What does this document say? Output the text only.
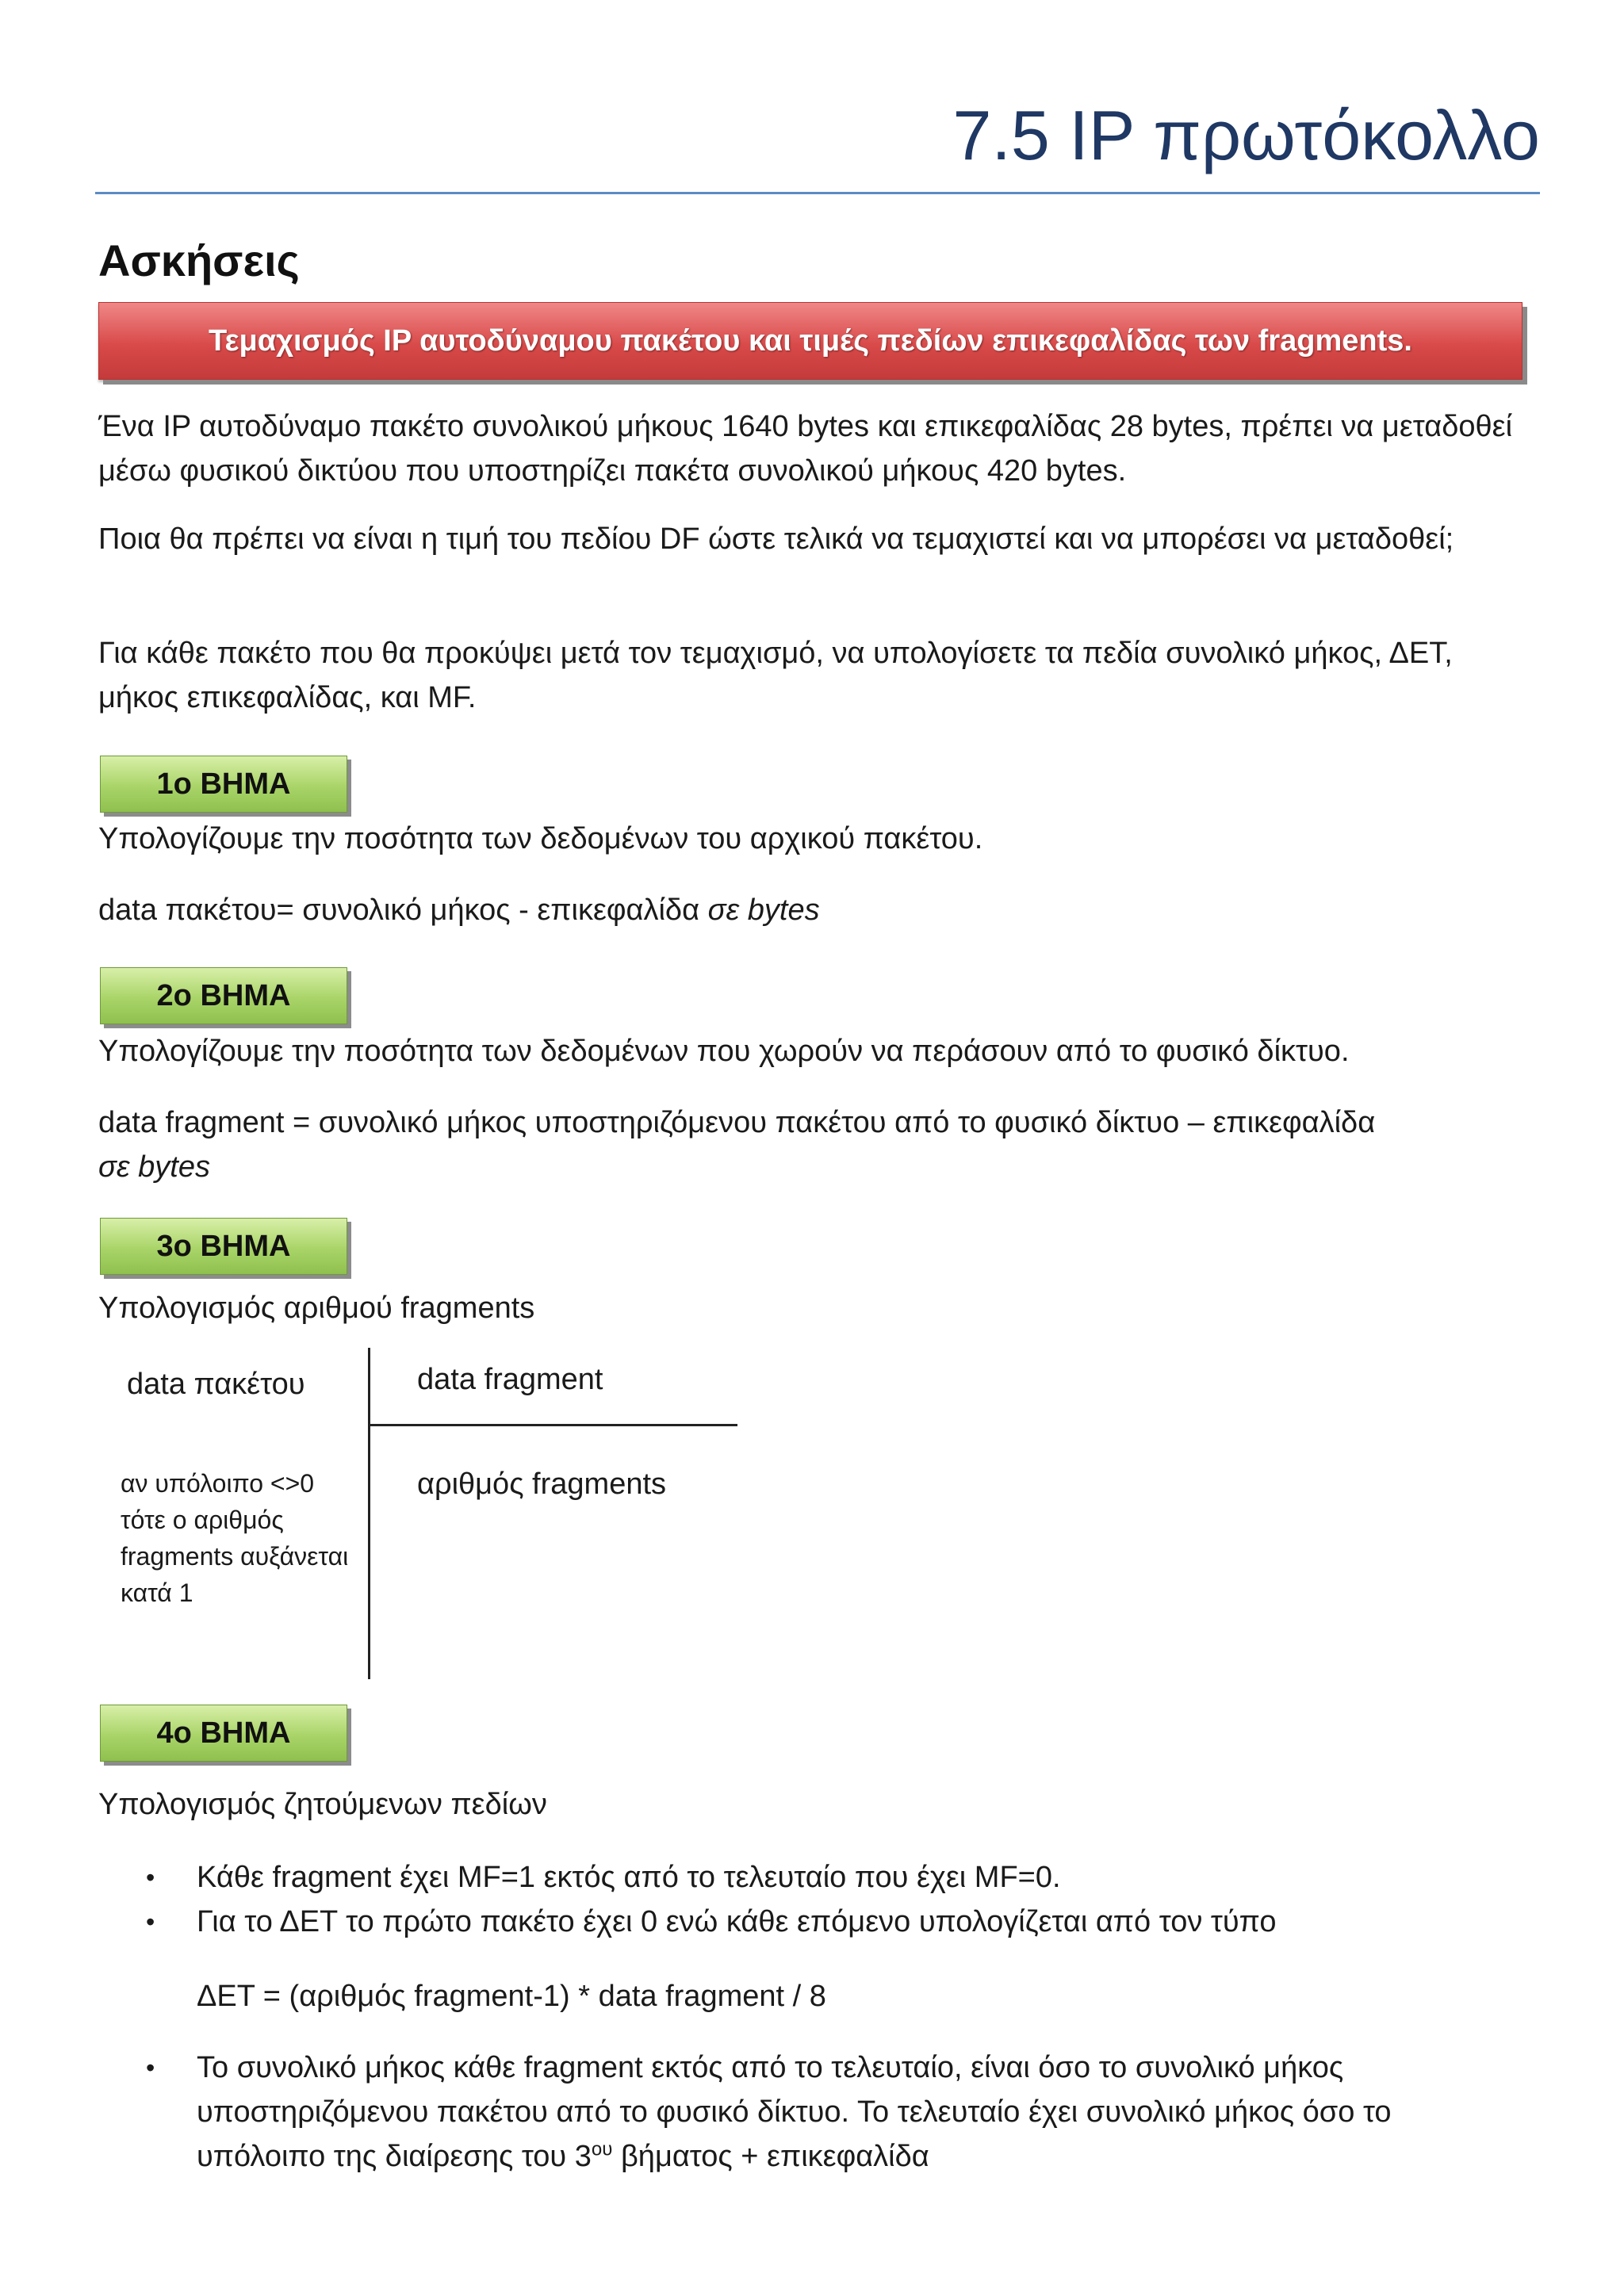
7.5 IP πρωτόκολλο
Ασκήσεις
Τεμαχισμός IP αυτοδύναμου πακέτου και τιμές πεδίων επικεφαλίδας των fragments.

Ένα IP αυτοδύναμο πακέτο συνολικού μήκους 1640 bytes και επικεφαλίδας 28 bytes, πρέπει να μεταδοθεί μέσω φυσικού δικτύου που υποστηρίζει πακέτα συνολικού μήκους 420 bytes.

Ποια θα πρέπει να είναι η τιμή του πεδίου DF ώστε τελικά να τεμαχιστεί και να μπορέσει να μεταδοθεί;

Για κάθε πακέτο που θα προκύψει μετά τον τεμαχισμό, να υπολογίσετε τα πεδία συνολικό μήκος, ΔΕΤ, μήκος επικεφαλίδας, και MF.

1ο ΒΗΜΑ

Υπολογίζουμε την ποσότητα των δεδομένων του αρχικού πακέτου.

data πακέτου= συνολικό μήκος - επικεφαλίδα σε bytes

2ο ΒΗΜΑ

Υπολογίζουμε την ποσότητα των δεδομένων που χωρούν να περάσουν από το φυσικό δίκτυο.

data fragment = συνολικό μήκος υποστηριζόμενου πακέτου από το φυσικό δίκτυο – επικεφαλίδα

σε bytes

3ο ΒΗΜΑ

Υπολογισμός αριθμού fragments

data πακέτου	data fragment

αριθμός fragments

αν υπόλοιπο <>0 τότε ο αριθμός fragments αυξάνεται κατά 1

4ο ΒΗΜΑ

Υπολογισμός ζητούμενων πεδίων

• Κάθε fragment έχει MF=1 εκτός από το τελευταίο που έχει MF=0.
• Για το ΔΕΤ το πρώτο πακέτο έχει 0 ενώ κάθε επόμενο υπολογίζεται από τον τύπο

ΔΕΤ = (αριθμός fragment-1) * data fragment / 8

• Το συνολικό μήκος κάθε fragment εκτός από το τελευταίο, είναι όσο το συνολικό μήκος υποστηριζόμενου πακέτου από το φυσικό δίκτυο. Το τελευταίο έχει συνολικό μήκος όσο το υπόλοιπο της διαίρεσης του $3^{o\upsilon}$ βήματος + επικεφαλίδα
